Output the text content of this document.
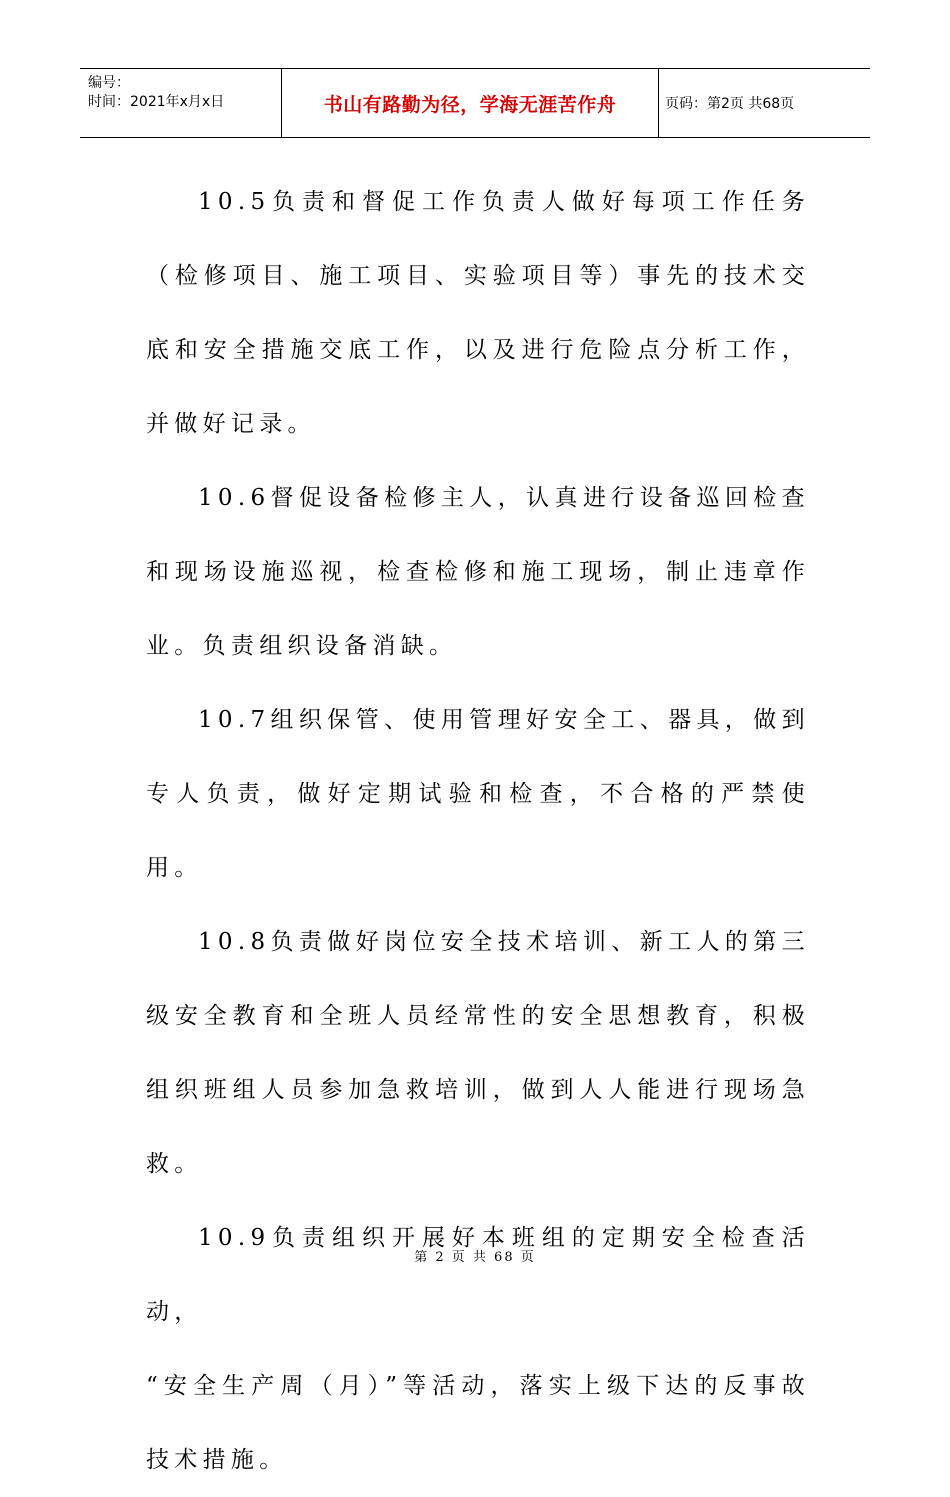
编号：
时间：2021年x月x日	书山有路勤为径，学海无涯苦作舟	页码：第2页 共68页

10.5负责和督促工作负责人做好每项工作任务（检修项目、施工项目、实验项目等）事先的技术交底和安全措施交底工作，以及进行危险点分析工作，并做好记录。

10.6督促设备检修主人，认真进行设备巡回检查和现场设施巡视，检查检修和施工现场，制止违章作业。负责组织设备消缺。

10.7组织保管、使用管理好安全工、器具，做到专人负责，做好定期试验和检查，不合格的严禁使用。

10.8负责做好岗位安全技术培训、新工人的第三级安全教育和全班人员经常性的安全思想教育，积极组织班组人员参加急救培训，做到人人能进行现场急救。

10.9负责组织开展好本班组的定期安全检查活动，

“安全生产周（月）”等活动，落实上级下达的反事故技术措施。

第 2 页 共 68 页
